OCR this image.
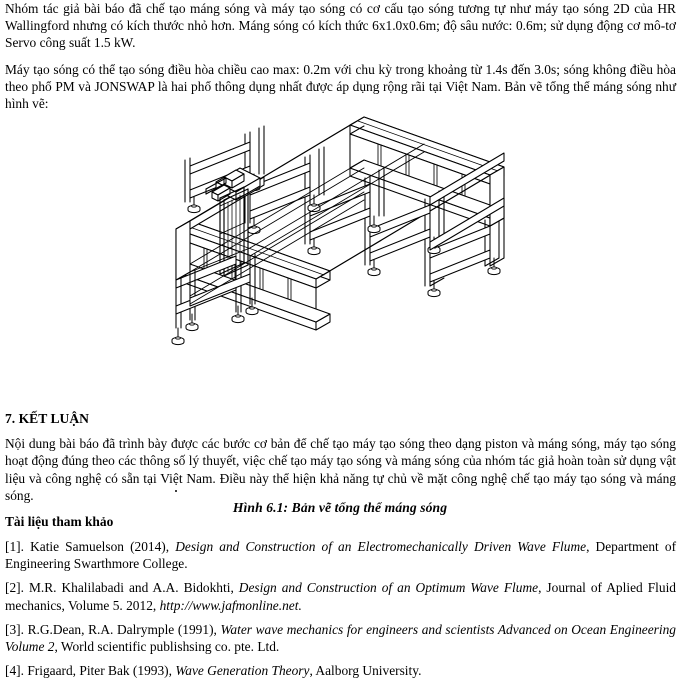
Nhóm tác giả bài báo đã chế tạo máng sóng và máy tạo sóng có cơ cấu tạo sóng tương tự như máy tạo sóng 2D của HR Wallingford nhưng có kích thước nhỏ hơn. Máng sóng có kích thức 6x1.0x0.6m; độ sâu nước: 0.6m; sử dụng động cơ mô-tơ Servo công suất 1.5 kW.

Máy tạo sóng có thể tạo sóng điều hòa chiều cao max: 0.2m với chu kỳ trong khoảng từ 1.4s đến 3.0s; sóng không điều hòa theo phổ PM và JONSWAP là hai phổ thông dụng nhất được áp dụng rộng rãi tại Việt Nam. Bản vẽ tổng thể máng sóng như hình vẽ:

Hình 6.1: Bản vẽ tổng thể máng sóng
7. KẾT LUẬN

Nội dung bài báo đã trình bày được các bước cơ bản để chế tạo máy tạo sóng theo dạng piston và máng sóng, máy tạo sóng hoạt động đúng theo các thông số lý thuyết, việc chế tạo máy tạo sóng và máng sóng của nhóm tác giả hoàn toàn sử dụng vật liệu và công nghệ có sẵn tại Việt Nam. Điều này thể hiện khả năng tự chủ về mặt công nghệ chế tạo máy tạo sóng và máng sóng.

Tài liệu tham khảo

[1]. Katie Samuelson (2014), Design and Construction of an Electromechanically Driven Wave Flume, Department of Engineering Swarthmore College.

[2]. M.R. Khalilabadi and A.A. Bidokhti, Design and Construction of an Optimum Wave Flume, Journal of Aplied Fluid mechanics, Volume 5. 2012, http://www.jafmonline.net.

[3]. R.G.Dean, R.A. Dalrymple (1991), Water wave mechanics for engineers and scientists Advanced on Ocean Engineering Volume 2, World scientific publishsing co. pte. Ltd.

[4]. Frigaard, Piter Bak (1993), Wave Generation Theory, Aalborg University.
